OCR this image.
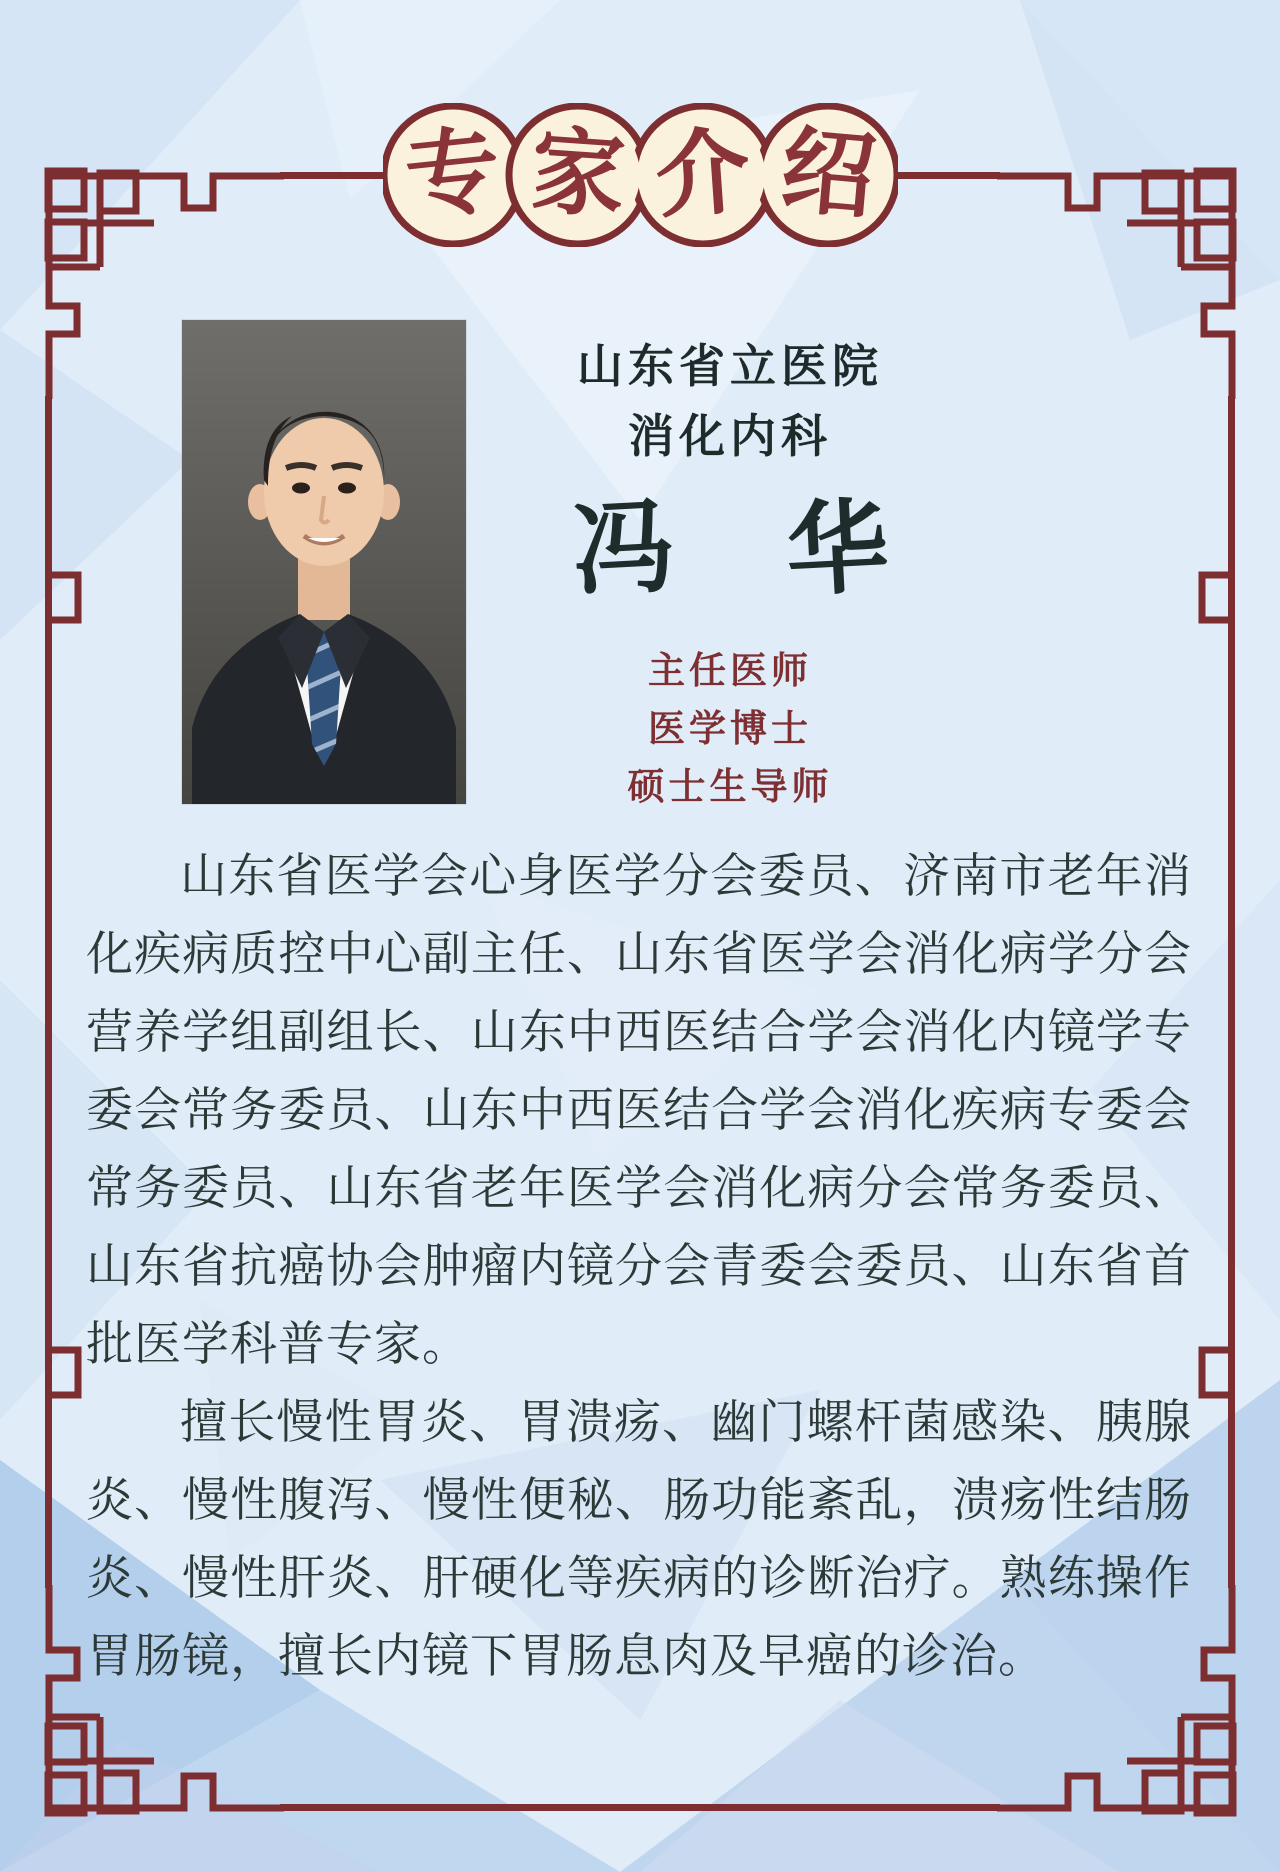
专 家 介 绍
山东省立医院
消化内科
冯 华
主任医师
医学博士
硕士生导师

山东省医学会心身医学分会委员、济南市老年消化疾病质控中心副主任、山东省医学会消化病学分会营养学组副组长、山东中西医结合学会消化内镜学专委会常务委员、山东中西医结合学会消化疾病专委会常务委员、山东省老年医学会消化病分会常务委员、山东省抗癌协会肿瘤内镜分会青委会委员、山东省首批医学科普专家。

擅长慢性胃炎、胃溃疡、幽门螺杆菌感染、胰腺炎、慢性腹泻、慢性便秘、肠功能紊乱，溃疡性结肠炎、慢性肝炎、肝硬化等疾病的诊断治疗。熟练操作胃肠镜，擅长内镜下胃肠息肉及早癌的诊治。
